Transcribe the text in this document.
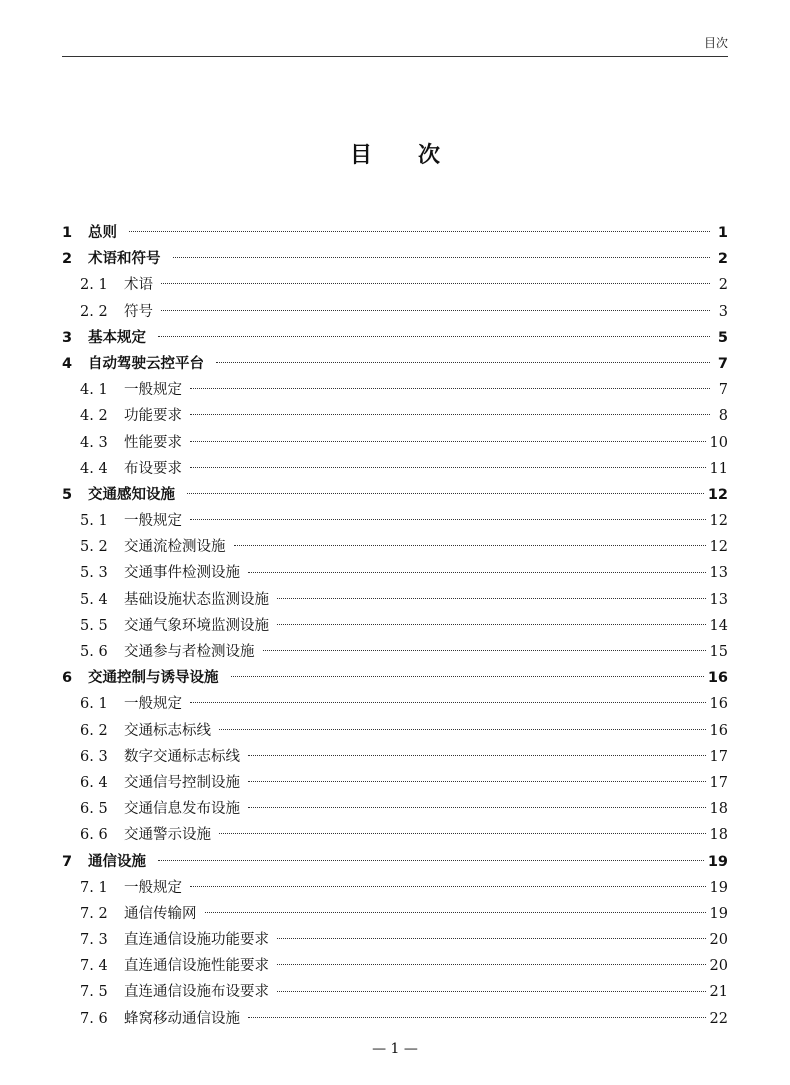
目次
目次
1	总则	1
2	术语和符号	2
2. 1	术语	2
2. 2	符号	3
3	基本规定	5
4	自动驾驶云控平台	7
4. 1	一般规定	7
4. 2	功能要求	8
4. 3	性能要求	10
4. 4	布设要求	11
5	交通感知设施	12
5. 1	一般规定	12
5. 2	交通流检测设施	12
5. 3	交通事件检测设施	13
5. 4	基础设施状态监测设施	13
5. 5	交通气象环境监测设施	14
5. 6	交通参与者检测设施	15
6	交通控制与诱导设施	16
6. 1	一般规定	16
6. 2	交通标志标线	16
6. 3	数字交通标志标线	17
6. 4	交通信号控制设施	17
6. 5	交通信息发布设施	18
6. 6	交通警示设施	18
7	通信设施	19
7. 1	一般规定	19
7. 2	通信传输网	19
7. 3	直连通信设施功能要求	20
7. 4	直连通信设施性能要求	20
7. 5	直连通信设施布设要求	21
7. 6	蜂窝移动通信设施	22
— 1 —
